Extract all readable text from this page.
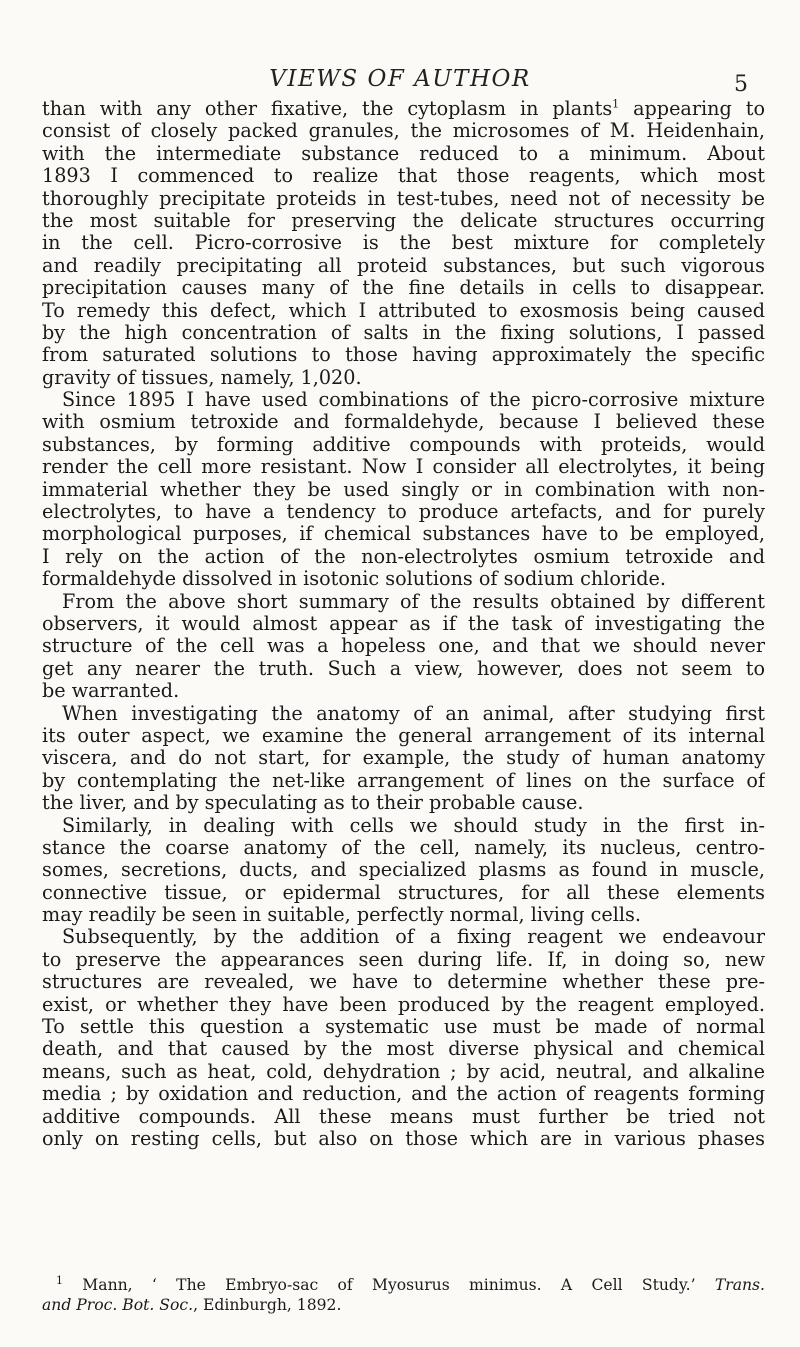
VIEWS OF AUTHOR	5
than with any other fixative, the cytoplasm in plants$^1$ appearing to
consist of closely packed granules, the microsomes of M. Heidenhain,
with the intermediate substance reduced to a minimum. About
1893 I commenced to realize that those reagents, which most
thoroughly precipitate proteids in test-tubes, need not of necessity be
the most suitable for preserving the delicate structures occurring
in the cell. Picro-corrosive is the best mixture for completely
and readily precipitating all proteid substances, but such vigorous
precipitation causes many of the fine details in cells to disappear.
To remedy this defect, which I attributed to exosmosis being caused
by the high concentration of salts in the fixing solutions, I passed
from saturated solutions to those having approximately the specific
gravity of tissues, namely, 1,020.
Since 1895 I have used combinations of the picro-corrosive mixture
with osmium tetroxide and formaldehyde, because I believed these
substances, by forming additive compounds with proteids, would
render the cell more resistant. Now I consider all electrolytes, it being
immaterial whether they be used singly or in combination with non-
electrolytes, to have a tendency to produce artefacts, and for purely
morphological purposes, if chemical substances have to be employed,
I rely on the action of the non-electrolytes osmium tetroxide and
formaldehyde dissolved in isotonic solutions of sodium chloride.
From the above short summary of the results obtained by different
observers, it would almost appear as if the task of investigating the
structure of the cell was a hopeless one, and that we should never
get any nearer the truth. Such a view, however, does not seem to
be warranted.
When investigating the anatomy of an animal, after studying first
its outer aspect, we examine the general arrangement of its internal
viscera, and do not start, for example, the study of human anatomy
by contemplating the net-like arrangement of lines on the surface of
the liver, and by speculating as to their probable cause.
Similarly, in dealing with cells we should study in the first in-
stance the coarse anatomy of the cell, namely, its nucleus, centro-
somes, secretions, ducts, and specialized plasms as found in muscle,
connective tissue, or epidermal structures, for all these elements
may readily be seen in suitable, perfectly normal, living cells.
Subsequently, by the addition of a fixing reagent we endeavour
to preserve the appearances seen during life. If, in doing so, new
structures are revealed, we have to determine whether these pre-
exist, or whether they have been produced by the reagent employed.
To settle this question a systematic use must be made of normal
death, and that caused by the most diverse physical and chemical
means, such as heat, cold, dehydration ; by acid, neutral, and alkaline
media ; by oxidation and reduction, and the action of reagents forming
additive compounds. All these means must further be tried not
only on resting cells, but also on those which are in various phases
$^1$ Mann, ‘ The Embryo-sac of Myosurus minimus. A Cell Study.’ Trans.
and Proc. Bot. Soc., Edinburgh, 1892.
